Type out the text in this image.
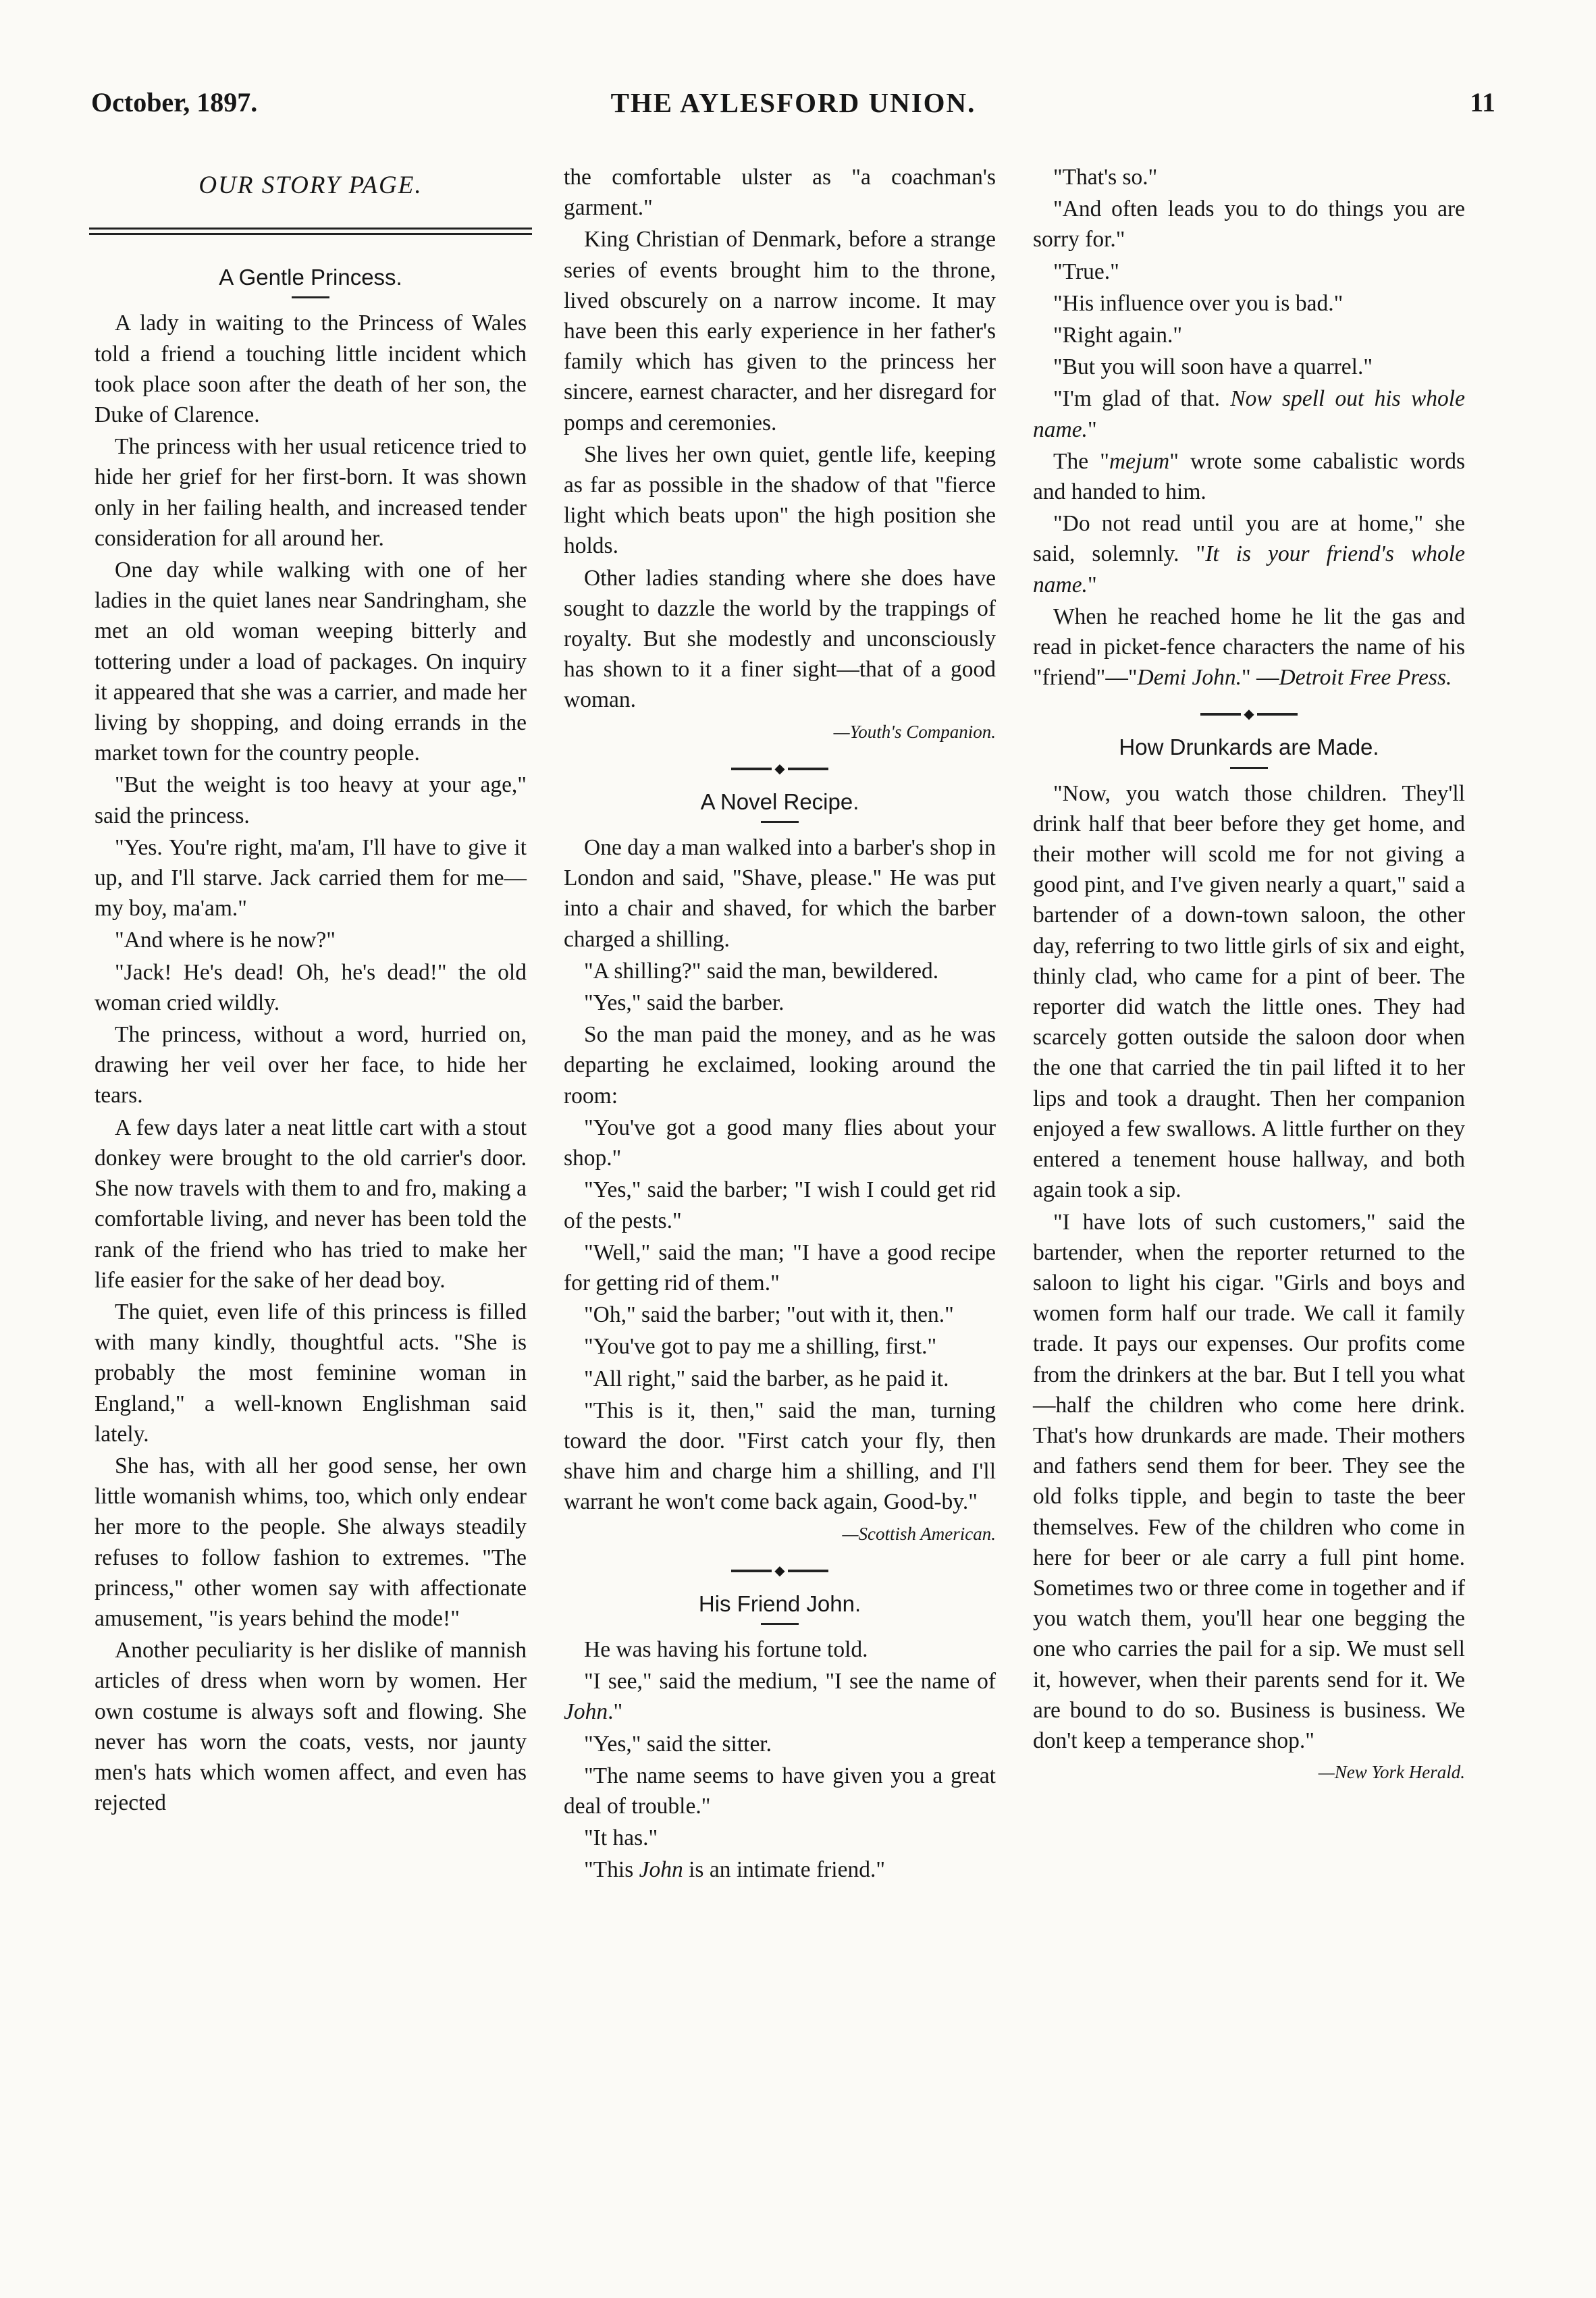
October, 1897.	THE AYLESFORD UNION.	11
OUR STORY PAGE.
A Gentle Princess.

A lady in waiting to the Princess of Wales told a friend a touching little incident which took place soon after the death of her son, the Duke of Clarence.

The princess with her usual reticence tried to hide her grief for her first-born. It was shown only in her failing health, and increased tender consideration for all around her.

One day while walking with one of her ladies in the quiet lanes near Sandringham, she met an old woman weeping bitterly and tottering under a load of packages. On inquiry it appeared that she was a carrier, and made her living by shopping, and doing errands in the market town for the country people.

"But the weight is too heavy at your age," said the princess.

"Yes. You're right, ma'am, I'll have to give it up, and I'll starve. Jack carried them for me—my boy, ma'am."

"And where is he now?"

"Jack! He's dead! Oh, he's dead!" the old woman cried wildly.

The princess, without a word, hurried on, drawing her veil over her face, to hide her tears.

A few days later a neat little cart with a stout donkey were brought to the old carrier's door. She now travels with them to and fro, making a comfortable living, and never has been told the rank of the friend who has tried to make her life easier for the sake of her dead boy.

The quiet, even life of this princess is filled with many kindly, thoughtful acts. "She is probably the most feminine woman in England," a well-known Englishman said lately.

She has, with all her good sense, her own little womanish whims, too, which only endear her more to the people. She always steadily refuses to follow fashion to extremes. "The princess," other women say with affectionate amusement, "is years behind the mode!"

Another peculiarity is her dislike of mannish articles of dress when worn by women. Her own costume is always soft and flowing. She never has worn the coats, vests, nor jaunty men's hats which women affect, and even has rejected

the comfortable ulster as "a coachman's garment."

King Christian of Denmark, before a strange series of events brought him to the throne, lived obscurely on a narrow income. It may have been this early experience in her father's family which has given to the princess her sincere, earnest character, and her disregard for pomps and ceremonies.

She lives her own quiet, gentle life, keeping as far as possible in the shadow of that "fierce light which beats upon" the high position she holds.

Other ladies standing where she does have sought to dazzle the world by the trappings of royalty. But she modestly and unconsciously has shown to it a finer sight—that of a good woman.

—Youth's Companion.
◆
A Novel Recipe.

One day a man walked into a barber's shop in London and said, "Shave, please." He was put into a chair and shaved, for which the barber charged a shilling.

"A shilling?" said the man, bewildered.

"Yes," said the barber.

So the man paid the money, and as he was departing he exclaimed, looking around the room:

"You've got a good many flies about your shop."

"Yes," said the barber; "I wish I could get rid of the pests."

"Well," said the man; "I have a good recipe for getting rid of them."

"Oh," said the barber; "out with it, then."

"You've got to pay me a shilling, first."

"All right," said the barber, as he paid it.

"This is it, then," said the man, turning toward the door. "First catch your fly, then shave him and charge him a shilling, and I'll warrant he won't come back again, Good-by."

—Scottish American.
◆
His Friend John.

He was having his fortune told.

"I see," said the medium, "I see the name of John."

"Yes," said the sitter.

"The name seems to have given you a great deal of trouble."

"It has."

"This John is an intimate friend."

"That's so."

"And often leads you to do things you are sorry for."

"True."

"His influence over you is bad."

"Right again."

"But you will soon have a quarrel."

"I'm glad of that. Now spell out his whole name."

The "mejum" wrote some cabalistic words and handed to him.

"Do not read until you are at home," she said, solemnly. "It is your friend's whole name."

When he reached home he lit the gas and read in picket-fence characters the name of his "friend"—"Demi John." —Detroit Free Press.

◆
How Drunkards are Made.

"Now, you watch those children. They'll drink half that beer before they get home, and their mother will scold me for not giving a good pint, and I've given nearly a quart," said a bartender of a down-town saloon, the other day, referring to two little girls of six and eight, thinly clad, who came for a pint of beer. The reporter did watch the little ones. They had scarcely gotten outside the saloon door when the one that carried the tin pail lifted it to her lips and took a draught. Then her companion enjoyed a few swallows. A little further on they entered a tenement house hallway, and both again took a sip.

"I have lots of such customers," said the bartender, when the reporter returned to the saloon to light his cigar. "Girls and boys and women form half our trade. We call it family trade. It pays our expenses. Our profits come from the drinkers at the bar. But I tell you what—half the children who come here drink. That's how drunkards are made. Their mothers and fathers send them for beer. They see the old folks tipple, and begin to taste the beer themselves. Few of the children who come in here for beer or ale carry a full pint home. Sometimes two or three come in together and if you watch them, you'll hear one begging the one who carries the pail for a sip. We must sell it, however, when their parents send for it. We are bound to do so. Business is business. We don't keep a temperance shop."

—New York Herald.
